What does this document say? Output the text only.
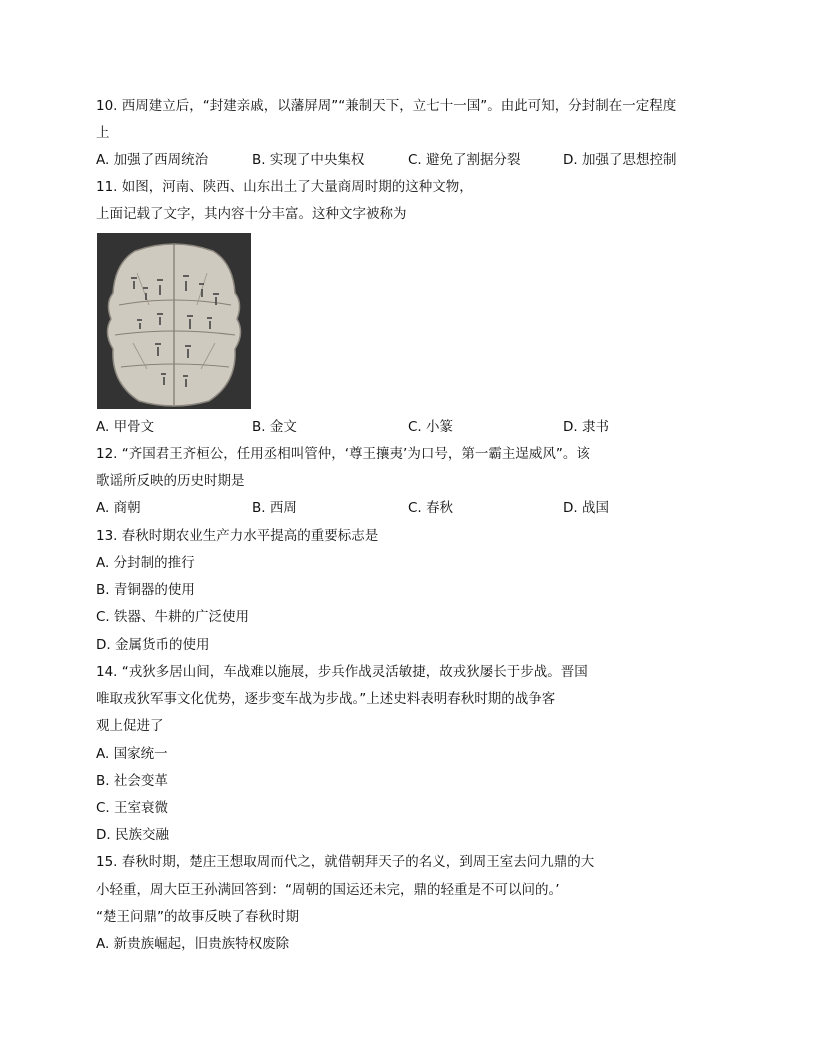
10. 西周建立后，“封建亲戚，以藩屏周”“兼制天下，立七十一国”。由此可知，分封制在一定程度
上
A. 加强了西周统治	B. 实现了中央集权	C. 避免了割据分裂	D. 加强了思想控制
11. 如图，河南、陕西、山东出土了大量商周时期的这种文物，
上面记载了文字，其内容十分丰富。这种文字被称为
A. 甲骨文	B. 金文	C. 小篆	D. 隶书
12. “齐国君王齐桓公，任用丞相叫管仲，‘尊王攘夷’为口号，第一霸主逞威风”。该
歌谣所反映的历史时期是
A. 商朝	B. 西周	C. 春秋	D. 战国
13. 春秋时期农业生产力水平提高的重要标志是
A. 分封制的推行
B. 青铜器的使用
C. 铁器、牛耕的广泛使用
D. 金属货币的使用
14. “戎狄多居山间，车战难以施展，步兵作战灵活敏捷，故戎狄屡长于步战。晋国
唯取戎狄军事文化优势，逐步变车战为步战。”上述史料表明春秋时期的战争客
观上促进了
A. 国家统一
B. 社会变革
C. 王室衰微
D. 民族交融
15. 春秋时期，楚庄王想取周而代之，就借朝拜天子的名义，到周王室去问九鼎的大
小轻重，周大臣王孙满回答到：“周朝的国运还未完，鼎的轻重是不可以问的。’
“楚王问鼎”的故事反映了春秋时期
A. 新贵族崛起，旧贵族特权废除
